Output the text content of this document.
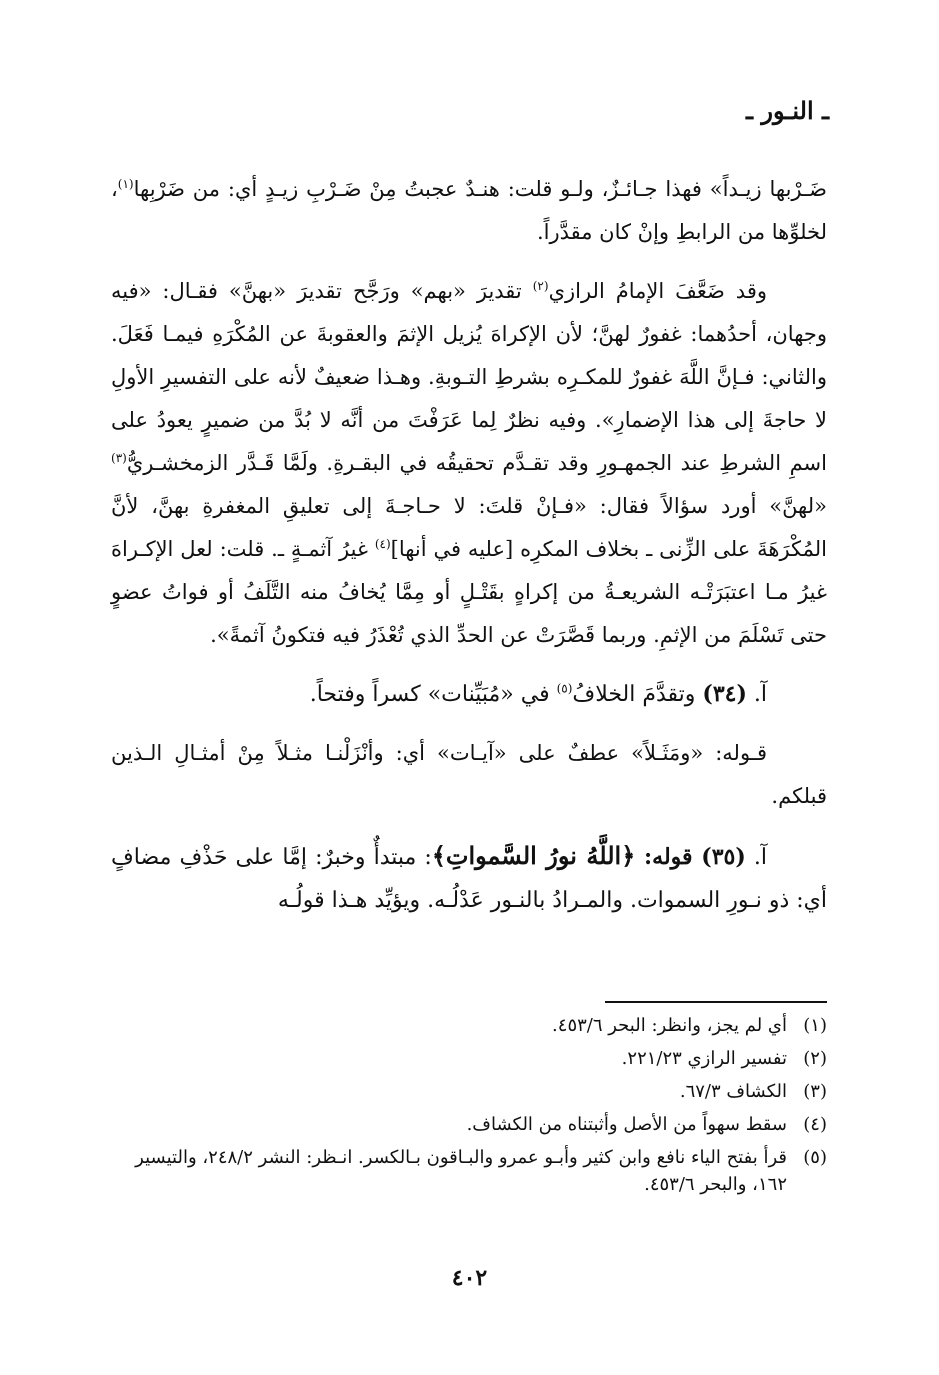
ـ النـور ـ

ضَـرْبها زيـداً» فهذا جـائـزٌ، ولـو قلت: هنـدٌ عجبتُ مِنْ ضَـرْبِ زيـدٍ أي: من ضَرْبِها$^{(١)}$، لخلوِّها من الرابطِ وإنْ كان مقدَّراً.

وقد ضَعَّفَ الإمامُ الرازي$^{(٢)}$ تقديرَ «بهم» ورَجَّح تقديرَ «بهنَّ» فقـال: «فيه وجهان، أحدُهما: غفورٌ لهنَّ؛ لأن الإكراهَ يُزيل الإثمَ والعقوبةَ عن المُكْرَهِ فيمـا فَعَلَ. والثاني: فـإنَّ اللَّهَ غفورٌ للمكـرِه بشرطِ التـوبةِ. وهـذا ضعيفٌ لأنه على التفسيرِ الأولِ لا حاجةَ إلى هذا الإضمارِ». وفيه نظرٌ لِما عَرَفْتَ من أنَّه لا بُدَّ من ضميرٍ يعودُ على اسمِ الشرطِ عند الجمهـورِ وقد تقـدَّم تحقيقُه في البقـرةِ. ولَمَّا قَـدَّر الزمخشـريُّ$^{(٣)}$ «لهنَّ» أورد سؤالاً فقال: «فـإنْ قلتَ: لا حـاجـةَ إلى تعليقِ المغفرةِ بهنَّ، لأنَّ المُكْرَهَةَ على الزِّنى ـ بخلاف المكرِه [عليه في أنها]$^{(٤)}$ غيرُ آثمـةٍ ـ. قلت: لعل الإكـراهَ غيرُ مـا اعتبَرَتْـه الشريعـةُ من إكراهٍ بقَتْـلٍ أو مِمَّا يُخافُ منه التَّلَفُ أو فواتُ عضوٍ حتى تَسْلَمَ من الإثمِ. وربما قَصَّرَتْ عن الحدِّ الذي تُعْذَرُ فيه فتكونُ آثمةً».

آ. (٣٤) وتقدَّمَ الخلافُ$^{(٥)}$ في «مُبَيِّنات» كسراً وفتحاً.

قـوله: «ومَثَـلاً» عطفٌ على «آيـات» أي: وأنْزَلْنـا مثـلاً مِنْ أمثـالِ الـذين قبلكم.

آ. (٣٥) قوله: ﴿اللَّهُ نورُ السَّمواتِ﴾: مبتدأٌ وخبرٌ: إمَّا على حَذْفِ مضافٍ أي: ذو نـورِ السموات. والمـرادُ بالنـور عَدْلُـه. ويؤيِّد هـذا قولُـه

(١)
أي لم يجز، وانظر: البحر ٤٥٣/٦.
(٢)
تفسير الرازي ٢٢١/٢٣.
(٣)
الكشاف ٦٧/٣.
(٤)
سقط سهواً من الأصل وأثبتناه من الكشاف.
(٥)
قرأ بفتح الياء نافع وابن كثير وأبـو عمرو والبـاقون بـالكسر. انـظر: النشر ٢٤٨/٢، والتيسير ١٦٢، والبحر ٤٥٣/٦.
٤٠٢
